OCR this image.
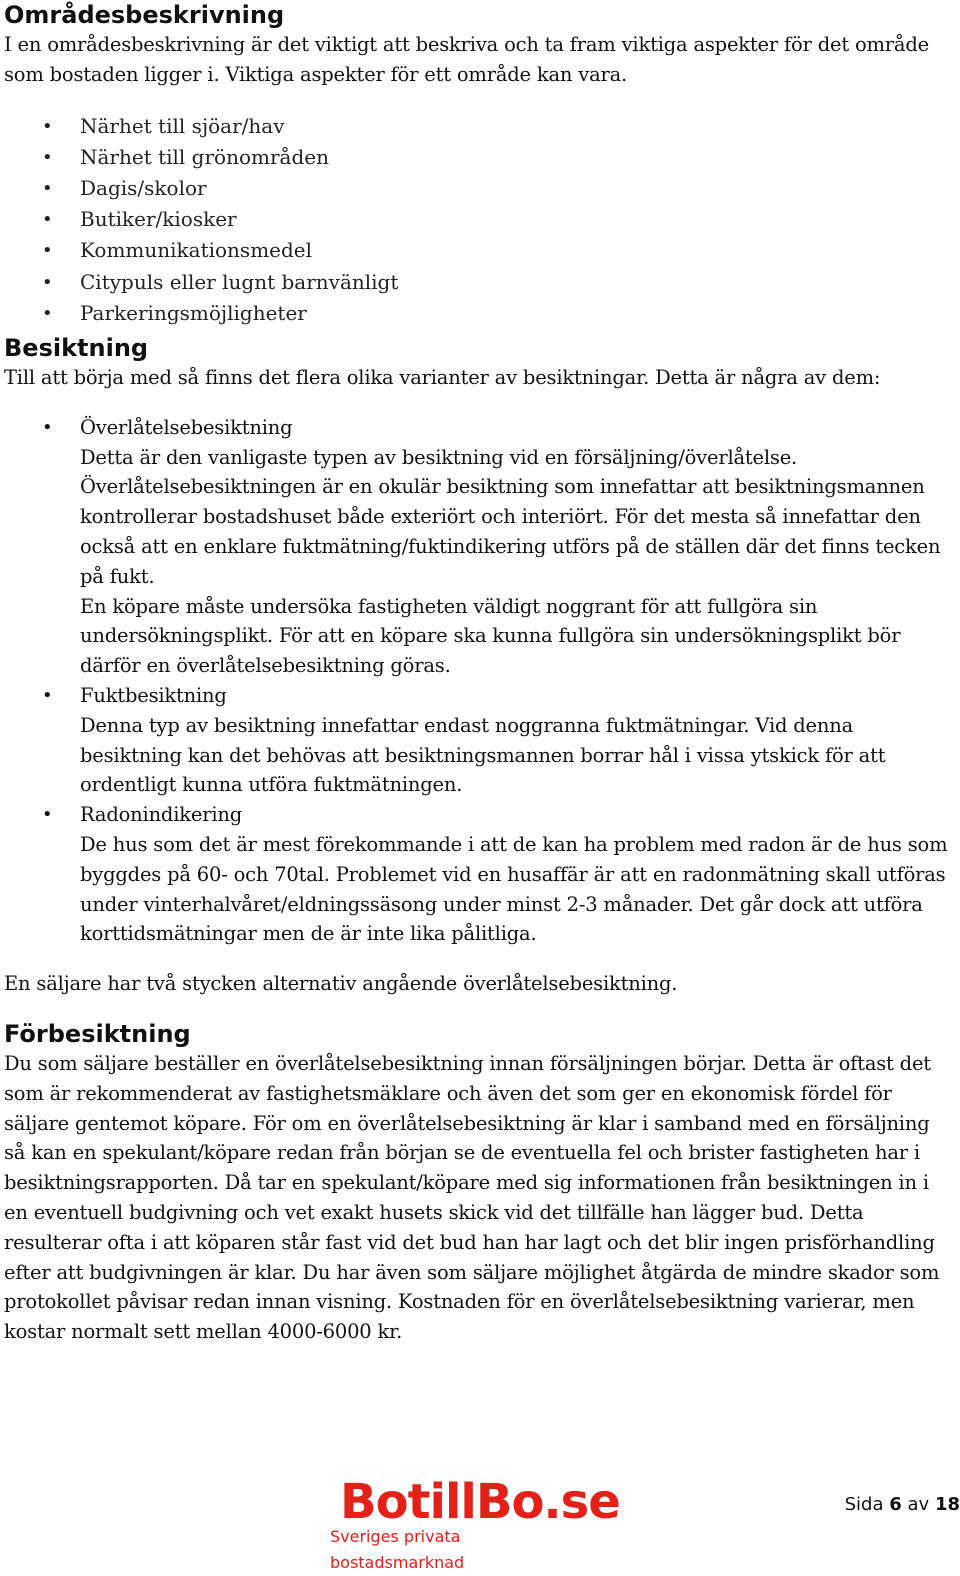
Områdesbeskrivning

I en områdesbeskrivning är det viktigt att beskriva och ta fram viktiga aspekter för det område som bostaden ligger i. Viktiga aspekter för ett område kan vara.

• Närhet till sjöar/hav
• Närhet till grönområden
• Dagis/skolor
• Butiker/kiosker
• Kommunikationsmedel
• Citypuls eller lugnt barnvänligt
• Parkeringsmöjligheter
Besiktning

Till att börja med så finns det flera olika varianter av besiktningar. Detta är några av dem:

• Överlåtelsebesiktning
Detta är den vanligaste typen av besiktning vid en försäljning/överlåtelse. Överlåtelsebesiktningen är en okulär besiktning som innefattar att besiktningsmannen kontrollerar bostadshuset både exteriört och interiört. För det mesta så innefattar den också att en enklare fuktmätning/fuktindikering utförs på de ställen där det finns tecken på fukt.
En köpare måste undersöka fastigheten väldigt noggrant för att fullgöra sin undersökningsplikt. För att en köpare ska kunna fullgöra sin undersökningsplikt bör därför en överlåtelsebesiktning göras.
• Fuktbesiktning
Denna typ av besiktning innefattar endast noggranna fuktmätningar. Vid denna besiktning kan det behövas att besiktningsmannen borrar hål i vissa ytskick för att ordentligt kunna utföra fuktmätningen.
• Radonindikering
De hus som det är mest förekommande i att de kan ha problem med radon är de hus som byggdes på 60- och 70tal. Problemet vid en husaffär är att en radonmätning skall utföras under vinterhalvåret/eldningssäsong under minst 2-3 månader. Det går dock att utföra korttidsmätningar men de är inte lika pålitliga.

En säljare har två stycken alternativ angående överlåtelsebesiktning.

Förbesiktning

Du som säljare beställer en överlåtelsebesiktning innan försäljningen börjar. Detta är oftast det som är rekommenderat av fastighetsmäklare och även det som ger en ekonomisk fördel för säljare gentemot köpare. För om en överlåtelsebesiktning är klar i samband med en försäljning så kan en spekulant/köpare redan från början se de eventuella fel och brister fastigheten har i besiktningsrapporten. Då tar en spekulant/köpare med sig informationen från besiktningen in i en eventuell budgivning och vet exakt husets skick vid det tillfälle han lägger bud. Detta resulterar ofta i att köparen står fast vid det bud han har lagt och det blir ingen prisförhandling efter att budgivningen är klar. Du har även som säljare möjlighet åtgärda de mindre skador som protokollet påvisar redan innan visning. Kostnaden för en överlåtelsebesiktning varierar, men kostar normalt sett mellan 4000-6000 kr.

BotillBo.se
Sveriges privata bostadsmarknad
Sida 6 av 18
